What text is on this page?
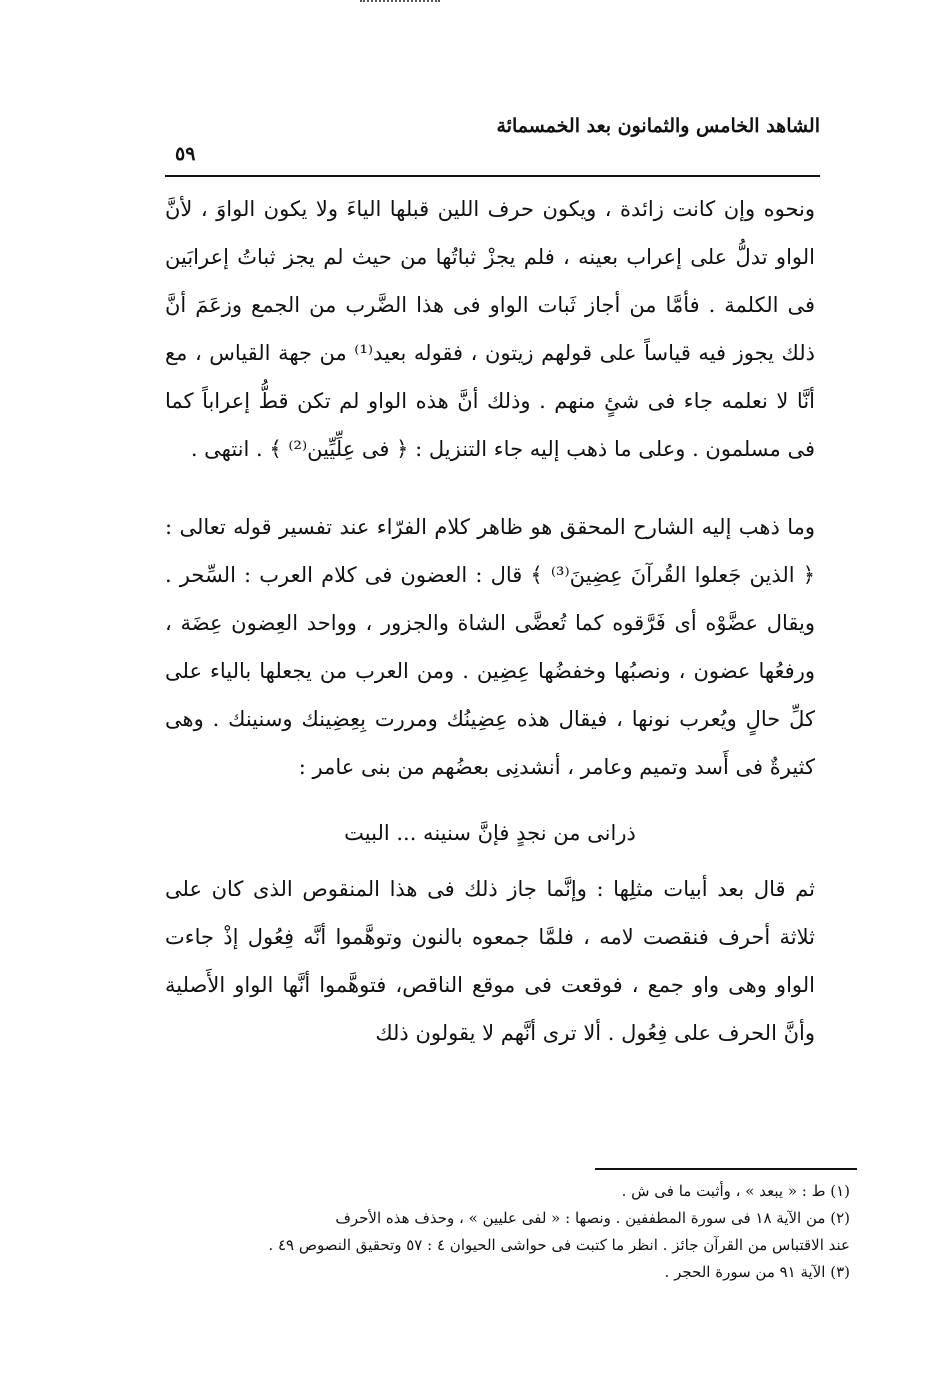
الشاهد الخامس والثمانون بعد الخمسمائة
٥٩

ونحوه وإن كانت زائدة ، ويكون حرف اللين قبلها الياءَ ولا يكون الواوَ ، لأنَّ الواو تدلُّ على إعراب بعينه ، فلم يجزْ ثباتُها من حيث لم يجز ثباتُ إعرابَين فى الكلمة . فأمَّا من أجاز ثَبات الواو فى هذا الضَّرب من الجمع وزعَمَ أنَّ ذلك يجوز فيه قياساً على قولهم زيتون ، فقوله بعيد⁽¹⁾ من جهة القياس ، مع أنَّا لا نعلمه جاء فى شئٍ منهم . وذلك أنَّ هذه الواو لم تكن قطُّ إعراباً كما فى مسلمون . وعلى ما ذهب إليه جاء التنزيل : ﴿ فى عِلِّيِّين⁽²⁾ ﴾ . انتهى .

وما ذهب إليه الشارح المحقق هو ظاهر كلام الفرّاء عند تفسير قوله تعالى : ﴿ الذين جَعلوا القُرآنَ عِضِينَ⁽³⁾ ﴾ قال : العضون فى كلام العرب : السِّحر . ويقال عضَّوْه أى فَرَّقوه كما تُعضَّى الشاة والجزور ، وواحد العِضون عِضَة ، ورفعُها عضون ، ونصبُها وخفضُها عِضِين . ومن العرب من يجعلها بالياء على كلِّ حالٍ ويُعرب نونها ، فيقال هذه عِضِينُك ومررت بِعِضِينك وسنينك . وهى كثيرةٌ فى أَسد وتميم وعامر ، أنشدنِى بعضُهم من بنى عامر :

ذرانى من نجدٍ فإنَّ سنينه ... البيت

ثم قال بعد أبيات مثلِها : وإنَّما جاز ذلك فى هذا المنقوص الذى كان على ثلاثة أحرف فنقصت لامه ، فلمَّا جمعوه بالنون وتوهَّموا أنَّه فِعُول إذْ جاءت الواو وهى واو جمع ، فوقعت فى موقع الناقص، فتوهَّموا أنَّها الواو الأَصلية وأنَّ الحرف على فِعُول . ألا ترى أنَّهم لا يقولون ذلك

(١) ط : « يبعد » ، وأثبت ما فى ش .

(٢) من الآية ١٨ فى سورة المطففين . ونصها : « لفى عليين » ، وحذف هذه الأحرف

عند الاقتباس من القرآن جائز . انظر ما كتبت فى حواشى الحيوان ٤ : ٥٧ وتحقيق النصوص ٤٩ .

(٣) الآية ٩١ من سورة الحجر .
